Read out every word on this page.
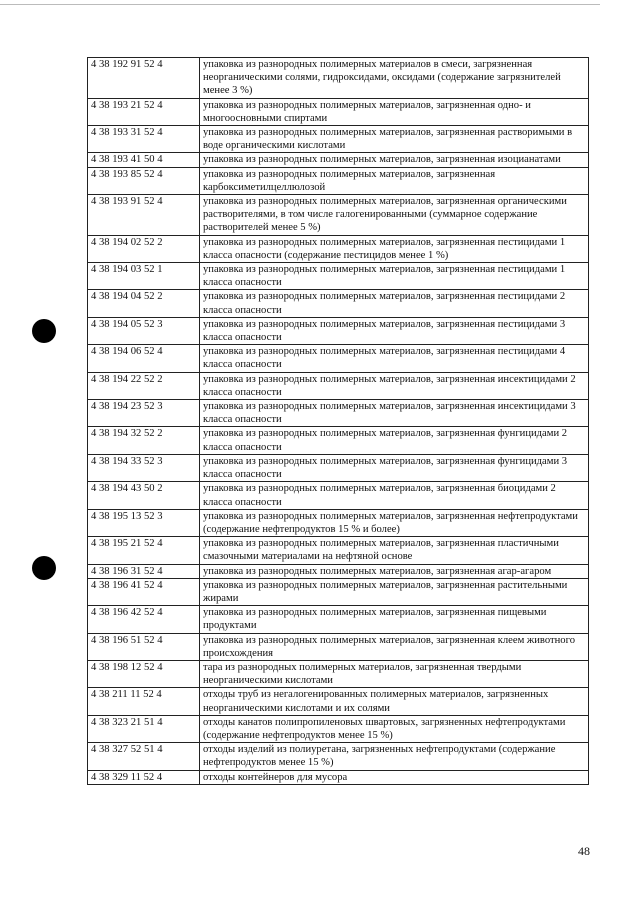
4 38 192 91 52 4	упаковка из разнородных полимерных материалов в смеси, загрязненная неорганическими солями, гидроксидами, оксидами (содержание загрязнителей менее 3 %)
4 38 193 21 52 4	упаковка из разнородных полимерных материалов, загрязненная одно- и многоосновными спиртами
4 38 193 31 52 4	упаковка из разнородных полимерных материалов, загрязненная растворимыми в воде органическими кислотами
4 38 193 41 50 4	упаковка из разнородных полимерных материалов, загрязненная изоцианатами
4 38 193 85 52 4	упаковка из разнородных полимерных материалов, загрязненная карбоксиметилцеллюлозой
4 38 193 91 52 4	упаковка из разнородных полимерных материалов, загрязненная органическими растворителями, в том числе галогенированными (суммарное содержание растворителей менее 5 %)
4 38 194 02 52 2	упаковка из разнородных полимерных материалов, загрязненная пестицидами 1 класса опасности (содержание пестицидов менее 1 %)
4 38 194 03 52 1	упаковка из разнородных полимерных материалов, загрязненная пестицидами 1 класса опасности
4 38 194 04 52 2	упаковка из разнородных полимерных материалов, загрязненная пестицидами 2 класса опасности
4 38 194 05 52 3	упаковка из разнородных полимерных материалов, загрязненная пестицидами 3 класса опасности
4 38 194 06 52 4	упаковка из разнородных полимерных материалов, загрязненная пестицидами 4 класса опасности
4 38 194 22 52 2	упаковка из разнородных полимерных материалов, загрязненная инсектицидами 2 класса опасности
4 38 194 23 52 3	упаковка из разнородных полимерных материалов, загрязненная инсектицидами 3 класса опасности
4 38 194 32 52 2	упаковка из разнородных полимерных материалов, загрязненная фунгицидами 2 класса опасности
4 38 194 33 52 3	упаковка из разнородных полимерных материалов, загрязненная фунгицидами 3 класса опасности
4 38 194 43 50 2	упаковка из разнородных полимерных материалов, загрязненная биоцидами 2 класса опасности
4 38 195 13 52 3	упаковка из разнородных полимерных материалов, загрязненная нефтепродуктами (содержание нефтепродуктов 15 % и более)
4 38 195 21 52 4	упаковка из разнородных полимерных материалов, загрязненная пластичными смазочными материалами на нефтяной основе
4 38 196 31 52 4	упаковка из разнородных полимерных материалов, загрязненная агар-агаром
4 38 196 41 52 4	упаковка из разнородных полимерных материалов, загрязненная растительными жирами
4 38 196 42 52 4	упаковка из разнородных полимерных материалов, загрязненная пищевыми продуктами
4 38 196 51 52 4	упаковка из разнородных полимерных материалов, загрязненная клеем животного происхождения
4 38 198 12 52 4	тара из разнородных полимерных материалов, загрязненная твердыми неорганическими кислотами
4 38 211 11 52 4	отходы труб из негалогенированных полимерных материалов, загрязненных неорганическими кислотами и их солями
4 38 323 21 51 4	отходы канатов полипропиленовых швартовых, загрязненных нефтепродуктами (содержание нефтепродуктов менее 15 %)
4 38 327 52 51 4	отходы изделий из полиуретана, загрязненных нефтепродуктами (содержание нефтепродуктов менее 15 %)
4 38 329 11 52 4	отходы контейнеров для мусора
48
